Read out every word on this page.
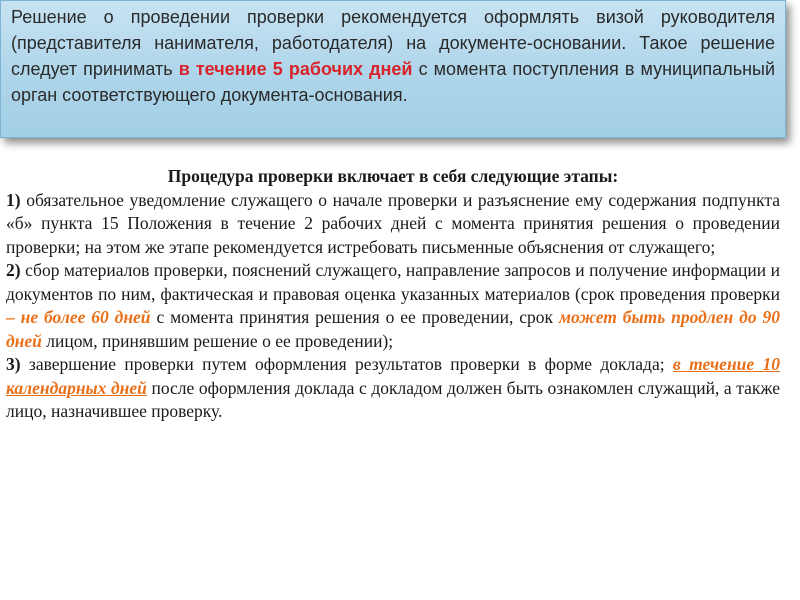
Решение о проведении проверки рекомендуется оформлять визой руководителя (представителя нанимателя, работодателя) на документе-основании. Такое решение следует принимать в течение 5 рабочих дней с момента поступления в муниципальный орган соответствующего документа-основания.

Процедура проверки включает в себя следующие этапы:

1) обязательное уведомление служащего о начале проверки и разъяснение ему содержания подпункта «б» пункта 15 Положения в течение 2 рабочих дней с момента принятия решения о проведении проверки; на этом же этапе рекомендуется истребовать письменные объяснения от служащего;

2) сбор материалов проверки, пояснений служащего, направление запросов и получение информации и документов по ним, фактическая и правовая оценка указанных материалов (срок проведения проверки – не более 60 дней с момента принятия решения о ее проведении, срок может быть продлен до 90 дней лицом, принявшим решение о ее проведении);

3) завершение проверки путем оформления результатов проверки в форме доклада; в течение 10 календарных дней после оформления доклада с докладом должен быть ознакомлен служащий, а также лицо, назначившее проверку.
